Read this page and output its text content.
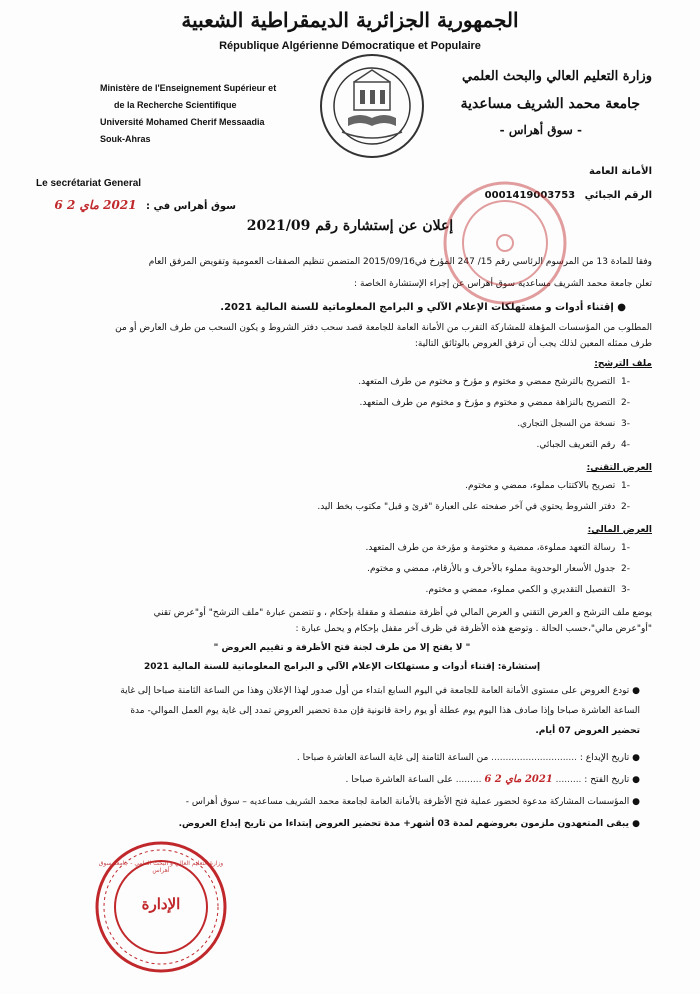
الجمهورية الجزائرية الديمقراطية الشعبية
République Algérienne Démocratique et Populaire
Ministère de l'Enseignement Supérieur et
de la Recherche Scientifique
Université Mohamed Cherif Messaadia
Souk-Ahras
وزارة التعليم العالي والبحث العلمي
جامعة محمد الشريف مساعدية
- سوق أهراس -
الأمانة العامة
Le secrétariat General
الرقم الجبائي 0001419003753
سوق أهراس في : 2021 ماي 2 6
إعلان عن إستشارة رقم 2021/09
وفقا للمادة 13 من المرسوم الرئاسي رقم 15/ 247 المؤرخ في2015/09/16 المتضمن تنظيم الصفقات العمومية وتفويض المرفق العام
تعلن جامعة محمد الشريف مساعدية سوق أهراس عن إجراء الإستشارة الخاصة :
● إقتناء أدوات و مستهلكات الإعلام الآلي و البرامج المعلوماتية للسنة المالية 2021.
المطلوب من المؤسسات المؤهلة للمشاركة التقرب من الأمانة العامة للجامعة قصد سحب دفتر الشروط و يكون السحب من طرف العارض أو من
طرف ممثله المعين لذلك يجب أن ترفق العروض بالوثائق التالية:
ملف الترشح:
-1  التصريح بالترشح ممضي و مختوم و مؤرخ و مختوم من طرف المتعهد.
-2  التصريح بالنزاهة ممضي و مختوم و مؤرخ و مختوم من طرف المتعهد.
-3  نسخة من السجل التجاري.
-4  رقم التعريف الجبائي.
العرض التقني:
-1  تصريح بالاكتتاب مملوء، ممضي و مختوم.
-2  دفتر الشروط يحتوي في آخر صفحته على العبارة "قرئ و قبل" مكتوب بخط اليد.
العرض المالي:
-1  رسالة التعهد مملوءة، ممضية و مختومة و مؤرخة من طرف المتعهد.
-2  جدول الأسعار الوحدوية مملوء بالأحرف و بالأرقام، ممضي و مختوم.
-3  التفصيل التقديري و الكمي مملوء، ممضي و مختوم.
يوضع ملف الترشح و العرض التقني و العرض المالي في أظرفة منفصلة و مقفلة بإحكام ، و تتضمن عبارة "ملف الترشح" أو"عرض تقني
"أو"عرض مالي"،حسب الحالة . وتوضع هذه الأظرفة في ظرف آخر مقفل بإحكام و يحمل عبارة :
" لا يفتح إلا من طرف لجنة فتح الأظرفة و تقييم العروض "
إستشارة: إقتناء أدوات و مستهلكات الإعلام الآلي و البرامج المعلوماتية للسنة المالية 2021
● تودع العروض على مستوى الأمانة العامة للجامعة في اليوم السابع ابتداء من أول صدور لهذا الإعلان وهذا من الساعة الثامنة صباحا إلى غاية
الساعة العاشرة صباحا وإذا صادف هذا اليوم يوم عطلة أو يوم راحة قانونية فإن مدة تحضير العروض تمدد إلى غاية يوم العمل الموالي- مدة
تحضير العروض 07 أيام.
● تاريخ الإيداع : .............................. من الساعة الثامنة إلى غاية الساعة العاشرة صباحا .
● تاريخ الفتح : ......... 2021 ماي 2 6 ......... على الساعة العاشرة صباحا .
● المؤسسات المشاركة مدعوة لحضور عملية فتح الأظرفة بالأمانة العامة لجامعة محمد الشريف مساعديه – سوق أهراس -
● يبقى المتعهدون ملزمون بعروضهم لمدة 03 أشهر+ مدة تحضير العروض إبتداءا من تاريخ إيداع العروض.
الإدارة
وزارة التعليم العالي و البحث العلمي - جامعة سوق أهراس
